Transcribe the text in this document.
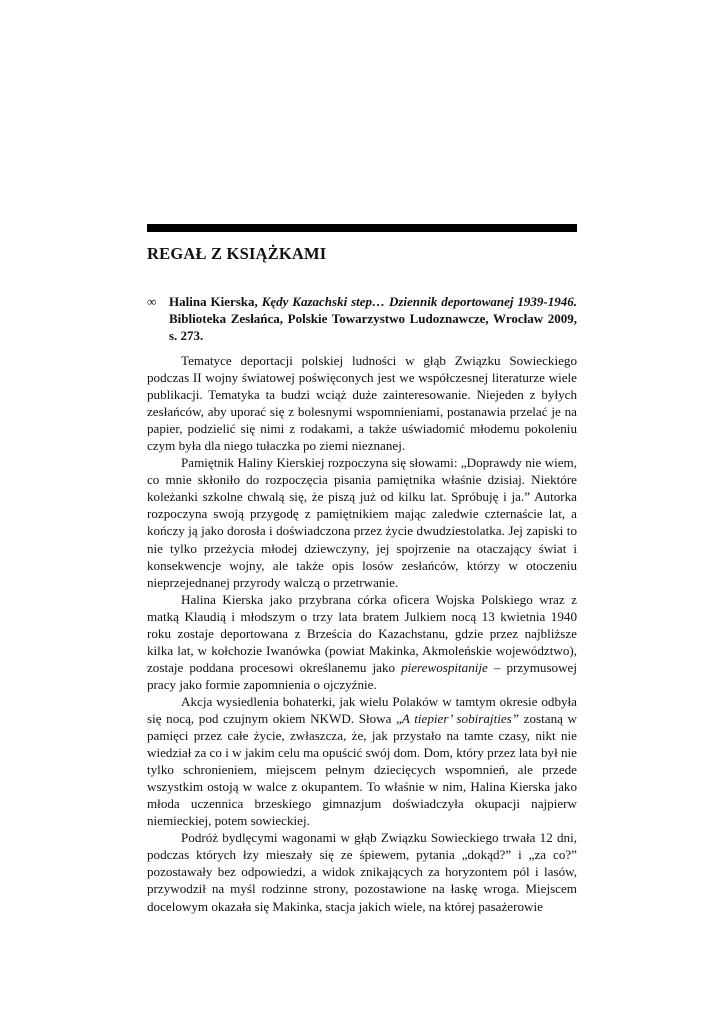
REGAŁ Z KSIĄŻKAMI
∞ Halina Kierska, Kędy Kazachski step… Dziennik deportowanej 1939-1946. Biblioteka Zesłańca, Polskie Towarzystwo Ludoznawcze, Wrocław 2009, s. 273.

Tematyce deportacji polskiej ludności w głąb Związku Sowieckiego podczas II wojny światowej poświęconych jest we współczesnej literaturze wiele publikacji. Tematyka ta budzi wciąż duże zainteresowanie. Niejeden z byłych zesłańców, aby uporać się z bolesnymi wspomnieniami, postanawia przelać je na papier, podzielić się nimi z rodakami, a także uświadomić młodemu pokoleniu czym była dla niego tułaczka po ziemi nieznanej.

Pamiętnik Haliny Kierskiej rozpoczyna się słowami: „Doprawdy nie wiem, co mnie skłoniło do rozpoczęcia pisania pamiętnika właśnie dzisiaj. Niektóre koleżanki szkolne chwalą się, że piszą już od kilku lat. Spróbuję i ja.” Autorka rozpoczyna swoją przygodę z pamiętnikiem mając zaledwie czternaście lat, a kończy ją jako dorosła i doświadczona przez życie dwudziestolatka. Jej zapiski to nie tylko przeżycia młodej dziewczyny, jej spojrzenie na otaczający świat i konsekwencje wojny, ale także opis losów zesłańców, którzy w otoczeniu nieprzejednanej przyrody walczą o przetrwanie.

Halina Kierska jako przybrana córka oficera Wojska Polskiego wraz z matką Klaudią i młodszym o trzy lata bratem Julkiem nocą 13 kwietnia 1940 roku zostaje deportowana z Brześcia do Kazachstanu, gdzie przez najbliższe kilka lat, w kołchozie Iwanówka (powiat Makinka, Akmoleńskie województwo), zostaje poddana procesowi określanemu jako pierewospitanije – przymusowej pracy jako formie zapomnienia o ojczyźnie.

Akcja wysiedlenia bohaterki, jak wielu Polaków w tamtym okresie odbyła się nocą, pod czujnym okiem NKWD. Słowa „A tiepier’ sobirajties” zostaną w pamięci przez całe życie, zwłaszcza, że, jak przystało na tamte czasy, nikt nie wiedział za co i w jakim celu ma opuścić swój dom. Dom, który przez lata był nie tylko schronieniem, miejscem pełnym dziecięcych wspomnień, ale przede wszystkim ostoją w walce z okupantem. To właśnie w nim, Halina Kierska jako młoda uczennica brzeskiego gimnazjum doświadczyła okupacji najpierw niemieckiej, potem sowieckiej.

Podróż bydlęcymi wagonami w głąb Związku Sowieckiego trwała 12 dni, podczas których łzy mieszały się ze śpiewem, pytania „dokąd?” i „za co?” pozostawały bez odpowiedzi, a widok znikających za horyzontem pól i lasów, przywodził na myśl rodzinne strony, pozostawione na łaskę wroga. Miejscem docelowym okazała się Makinka, stacja jakich wiele, na której pasażerowie
